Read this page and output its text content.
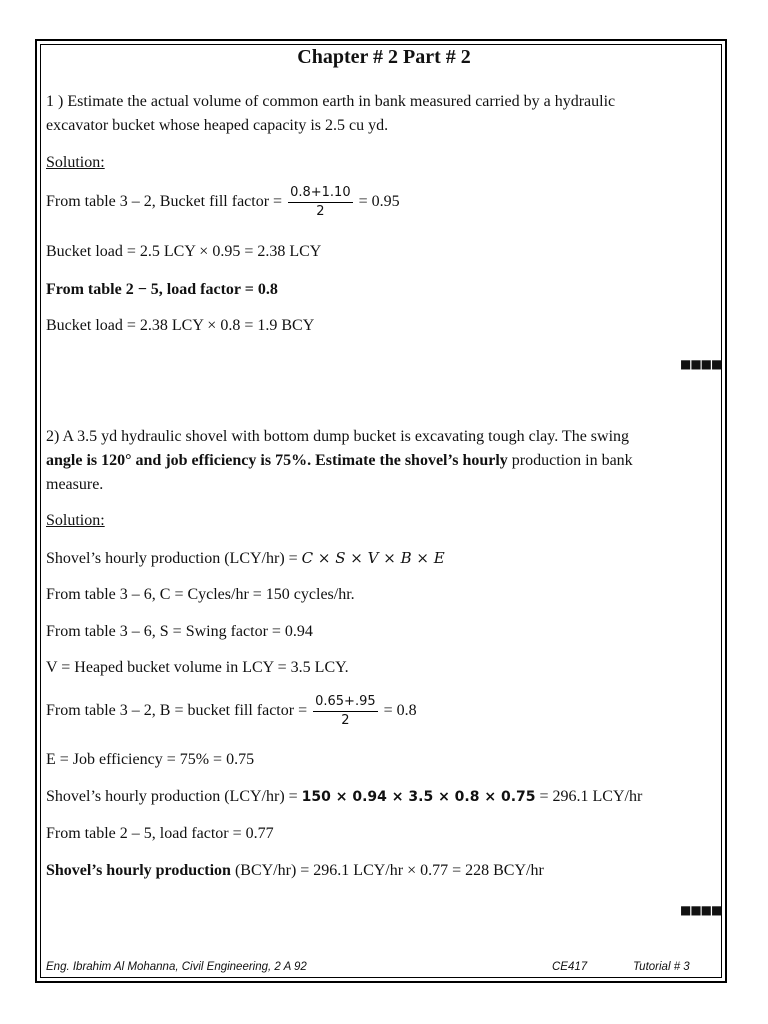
Chapter # 2 Part # 2
1 ) Estimate the actual volume of common earth in bank measured carried by a hydraulic
excavator bucket whose heaped capacity is 2.5 cu yd.
Solution:
From table 3 – 2, Bucket fill factor = $\frac{0.8+1.10}{2} = 0.95$
Bucket load = 2.5 LCY × 0.95 = 2.38 LCY
From table 2 − 5, load factor = 0.8
Bucket load = 2.38 LCY × 0.8 = 1.9 BCY
■■■■
2) A 3.5 yd hydraulic shovel with bottom dump bucket is excavating tough clay. The swing
angle is 120° and job efficiency is 75%. Estimate the shovel’s hourly production in bank
measure.
Solution:
Shovel’s hourly production (LCY/hr) = C × S × V × B × E
From table 3 – 6, C = Cycles/hr = 150 cycles/hr.
From table 3 – 6, S = Swing factor = 0.94
V = Heaped bucket volume in LCY = 3.5 LCY.
From table 3 – 2, B = bucket fill factor = $\frac{0.65+.95}{2} = 0.8$
E = Job efficiency = 75% = 0.75
Shovel’s hourly production (LCY/hr) = 150 × 0.94 × 3.5 × 0.8 × 0.75 = 296.1 LCY/hr
From table 2 – 5, load factor = 0.77
Shovel’s hourly production (BCY/hr) = 296.1 LCY/hr × 0.77 = 228 BCY/hr
■■■■
Eng. Ibrahim Al Mohanna, Civil Engineering, 2 A 92	CE417	Tutorial # 3
